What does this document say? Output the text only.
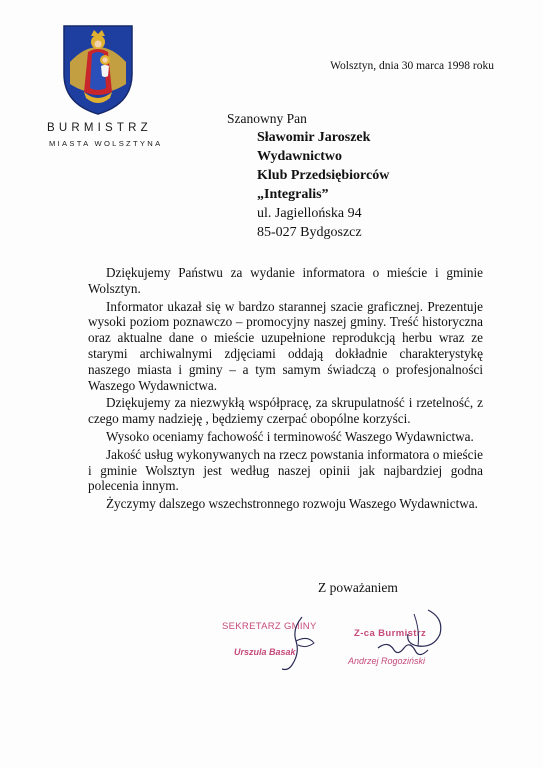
BURMISTRZ
MIASTA WOLSZTYNA
Wolsztyn, dnia 30 marca 1998 roku
Szanowny Pan
Sławomir Jaroszek
Wydawnictwo
Klub Przedsiębiorców
„Integralis”
ul. Jagiellońska 94
85-027 Bydgoszcz

Dziękujemy Państwu za wydanie informatora o mieście i gminie Wolsztyn.

Informator ukazał się w bardzo starannej szacie graficznej. Prezentuje wysoki poziom poznawczo – promocyjny naszej gminy. Treść historyczna oraz aktualne dane o mieście uzupełnione reprodukcją herbu wraz ze starymi archiwalnymi zdjęciami oddają dokładnie charakterystykę naszego miasta i gminy – a tym samym świadczą o profesjonalności Waszego Wydawnictwa.

Dziękujemy za niezwykłą współpracę, za skrupulatność i rzetelność, z czego mamy nadzieję , będziemy czerpać obopólne korzyści.

Wysoko oceniamy fachowość i terminowość Waszego Wydawnictwa.

Jakość usług wykonywanych na rzecz powstania informatora o mieście i gminie Wolsztyn jest według naszej opinii jak najbardziej godna polecenia innym.

Życzymy dalszego wszechstronnego rozwoju Waszego Wydawnictwa.

Z poważaniem
SEKRETARZ GMINY
Urszula Basak
Z-ca Burmistrz
Andrzej Rogoziński
